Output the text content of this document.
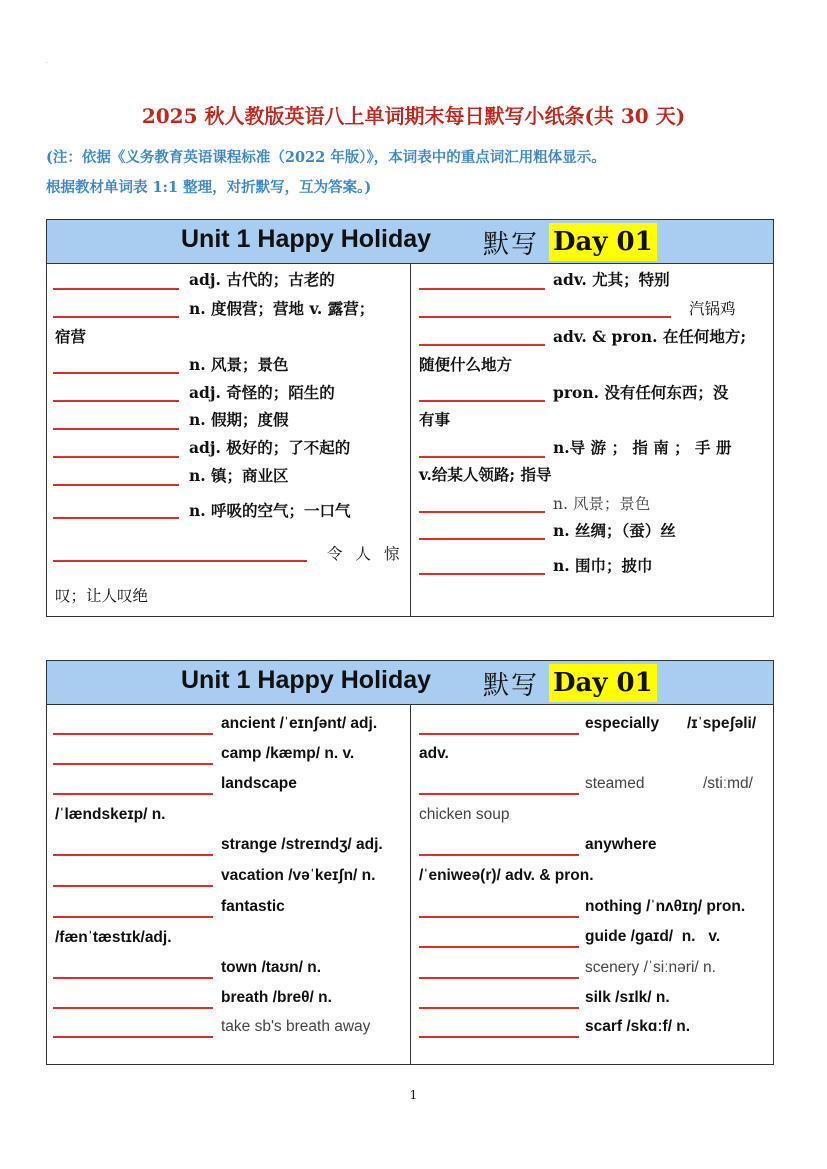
.
2025 秋人教版英语八上单词期末每日默写小纸条(共 30 天)
(注：依据《义务教育英语课程标准（2022 年版）》，本词表中的重点词汇用粗体显示。
根据教材单词表 1:1 整理，对折默写，互为答案。)
Unit 1 Happy Holiday 默写 Day 01
adj. 古代的；古老的
n. 度假营；营地 v. 露营；
宿营
n. 风景；景色
adj. 奇怪的；陌生的
n. 假期；度假
adj. 极好的；了不起的
n. 镇；商业区
n. 呼吸的空气；一口气
令 人 惊
叹；让人叹绝
adv. 尤其；特别
汽锅鸡
adv. & pron. 在任何地方;
随便什么地方
pron. 没有任何东西；没
有事
n.导 游 ； 指 南 ； 手 册
v.给某人领路; 指导
n. 风景；景色
n. 丝绸；（蚕）丝
n. 围巾；披巾
Unit 1 Happy Holiday 默写 Day 01
ancient /ˈeɪnʃənt/ adj.
camp /kæmp/ n. v.
landscape
/ˈlændskeɪp/ n.
strange /streɪndʒ/ adj.
vacation /vəˈkeɪʃn/ n.
fantastic
/fænˈtæstɪk/adj.
town /taʊn/ n.
breath /breθ/ n.
take sb's breath away
especially /ɪˈspeʃəli/
adv.
steamed	/stiːmd/
chicken soup
anywhere
/ˈeniweə(r)/ adv. & pron.
nothing /ˈnʌθɪŋ/ pron.
guide /ɡaɪd/  n.   v.
scenery /ˈsiːnəri/ n.
silk /sɪlk/ n.
scarf /skɑːf/ n.
1
